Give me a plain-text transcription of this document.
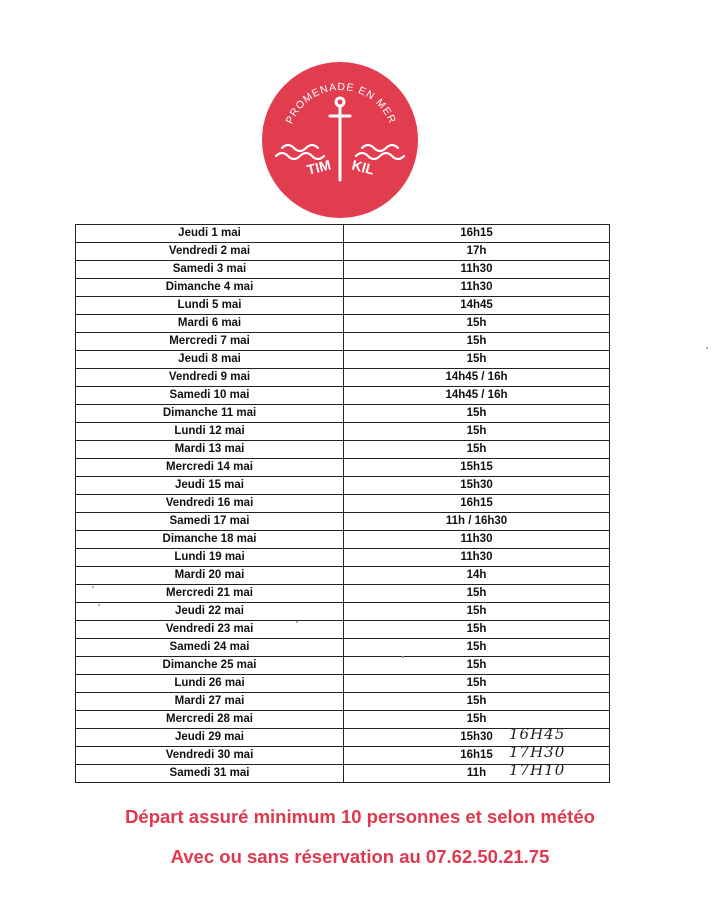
PROMENADE EN MER
TIM KIL
Jeudi 1 mai	16h15
Vendredi 2 mai	17h
Samedi 3 mai	11h30
Dimanche 4 mai	11h30
Lundi 5 mai	14h45
Mardi 6 mai	15h
Mercredi 7 mai	15h
Jeudi 8 mai	15h
Vendredi 9 mai	14h45 / 16h
Samedi 10 mai	14h45 / 16h
Dimanche 11 mai	15h
Lundi 12 mai	15h
Mardi 13 mai	15h
Mercredi 14 mai	15h15
Jeudi 15 mai	15h30
Vendredi 16 mai	16h15
Samedi 17 mai	11h / 16h30
Dimanche 18 mai	11h30
Lundi 19 mai	11h30
Mardi 20 mai	14h
Mercredi 21 mai	15h
Jeudi 22 mai	15h
Vendredi 23 mai	15h
Samedi 24 mai	15h
Dimanche 25 mai	15h
Lundi 26 mai	15h
Mardi 27 mai	15h
Mercredi 28 mai	15h
Jeudi 29 mai	15h30 16H45

Vendredi 30 mai	16h15 17H30

Samedi 31 mai	11h 17H10
Départ assuré minimum 10 personnes et selon météo
Avec ou sans réservation au 07.62.50.21.75
